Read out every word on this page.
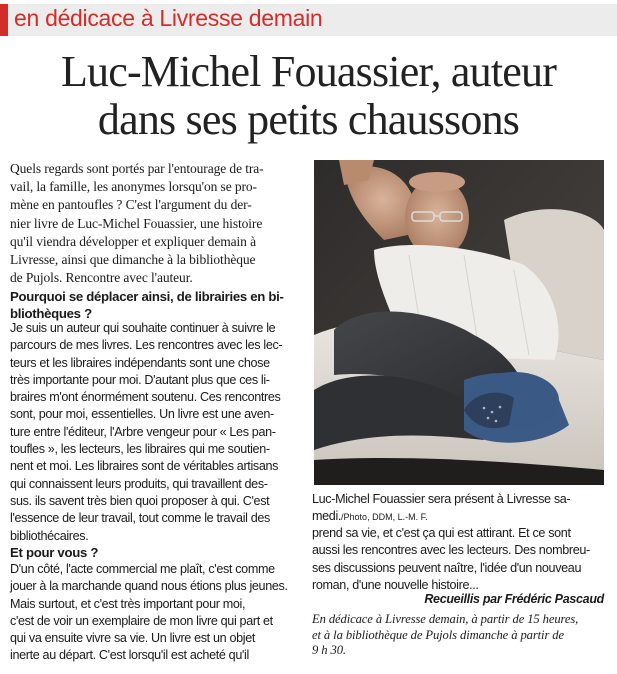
en dédicace à Livresse demain
Luc-Michel Fouassier, auteur
dans ses petits chaussons

Quels regards sont portés par l'entourage de tra-
vail, la famille, les anonymes lorsqu'on se pro-
mène en pantoufles ? C'est l'argument du der-
nier livre de Luc-Michel Fouassier, une histoire
qu'il viendra développer et expliquer demain à
Livresse, ainsi que dimanche à la bibliothèque
de Pujols. Rencontre avec l'auteur.

Pourquoi se déplacer ainsi, de librairies en bi-
bliothèques ?

Je suis un auteur qui souhaite continuer à suivre le
parcours de mes livres. Les rencontres avec les lec-
teurs et les libraires indépendants sont une chose
très importante pour moi. D'autant plus que ces li-
braires m'ont énormément soutenu. Ces rencontres
sont, pour moi, essentielles. Un livre est une aven-
ture entre l'éditeur, l'Arbre vengeur pour « Les pan-
toufles », les lecteurs, les libraires qui me soutien-
nent et moi. Les libraires sont de véritables artisans
qui connaissent leurs produits, qui travaillent des-
sus. ils savent très bien quoi proposer à qui. C'est
l'essence de leur travail, tout comme le travail des
bibliothécaires.

Et pour vous ?

D'un côté, l'acte commercial me plaît, c'est comme
jouer à la marchande quand nous étions plus jeunes.
Mais surtout, et c'est très important pour moi,
c'est de voir un exemplaire de mon livre qui part et
qui va ensuite vivre sa vie. Un livre est un objet
inerte au départ. C'est lorsqu'il est acheté qu'il

Luc-Michel Fouassier sera présent à Livresse sa-
medi./Photo, DDM, L.-M. F.

prend sa vie, et c'est ça qui est attirant. Et ce sont
aussi les rencontres avec les lecteurs. Des nombreu-
ses discussions peuvent naître, l'idée d'un nouveau
roman, d'une nouvelle histoire...

Recueillis par Frédéric Pascaud

En dédicace à Livresse demain, à partir de 15 heures,
et à la bibliothèque de Pujols dimanche à partir de
9 h 30.
